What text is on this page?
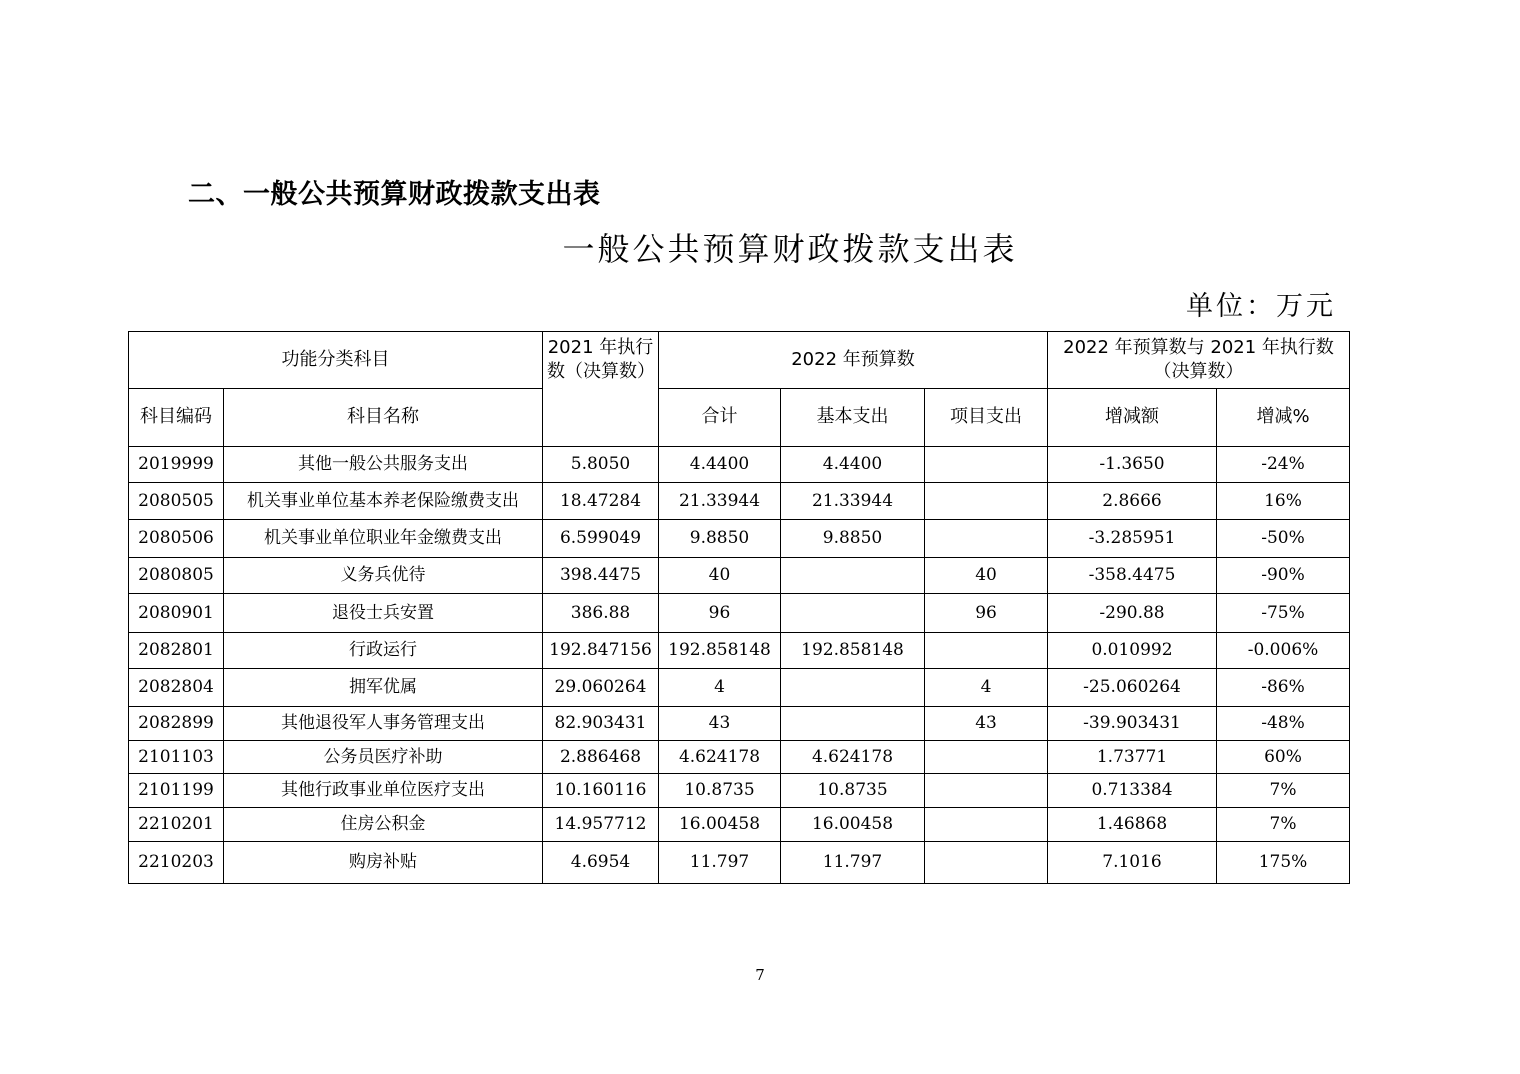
二、一般公共预算财政拨款支出表
一般公共预算财政拨款支出表
单位：万元
功能分类科目		2021 年执行数（决算数）	2022 年预算数			2022 年预算数与 2021 年执行数（决算数）	
科目编码	科目名称		合计	基本支出	项目支出	增减额	增减%
2019999	其他一般公共服务支出	5.8050	4.4400	4.4400		-1.3650	-24%
2080505	机关事业单位基本养老保险缴费支出	18.47284	21.33944	21.33944		2.8666	16%
2080506	机关事业单位职业年金缴费支出	6.599049	9.8850	9.8850		-3.285951	-50%
2080805	义务兵优待	398.4475	40		40	-358.4475	-90%
2080901	退役士兵安置	386.88	96		96	-290.88	-75%
2082801	行政运行	192.847156	192.858148	192.858148		0.010992	-0.006%
2082804	拥军优属	29.060264	4		4	-25.060264	-86%
2082899	其他退役军人事务管理支出	82.903431	43		43	-39.903431	-48%
2101103	公务员医疗补助	2.886468	4.624178	4.624178		1.73771	60%
2101199	其他行政事业单位医疗支出	10.160116	10.8735	10.8735		0.713384	7%
2210201	住房公积金	14.957712	16.00458	16.00458		1.46868	7%
2210203	购房补贴	4.6954	11.797	11.797		7.1016	175%
7
